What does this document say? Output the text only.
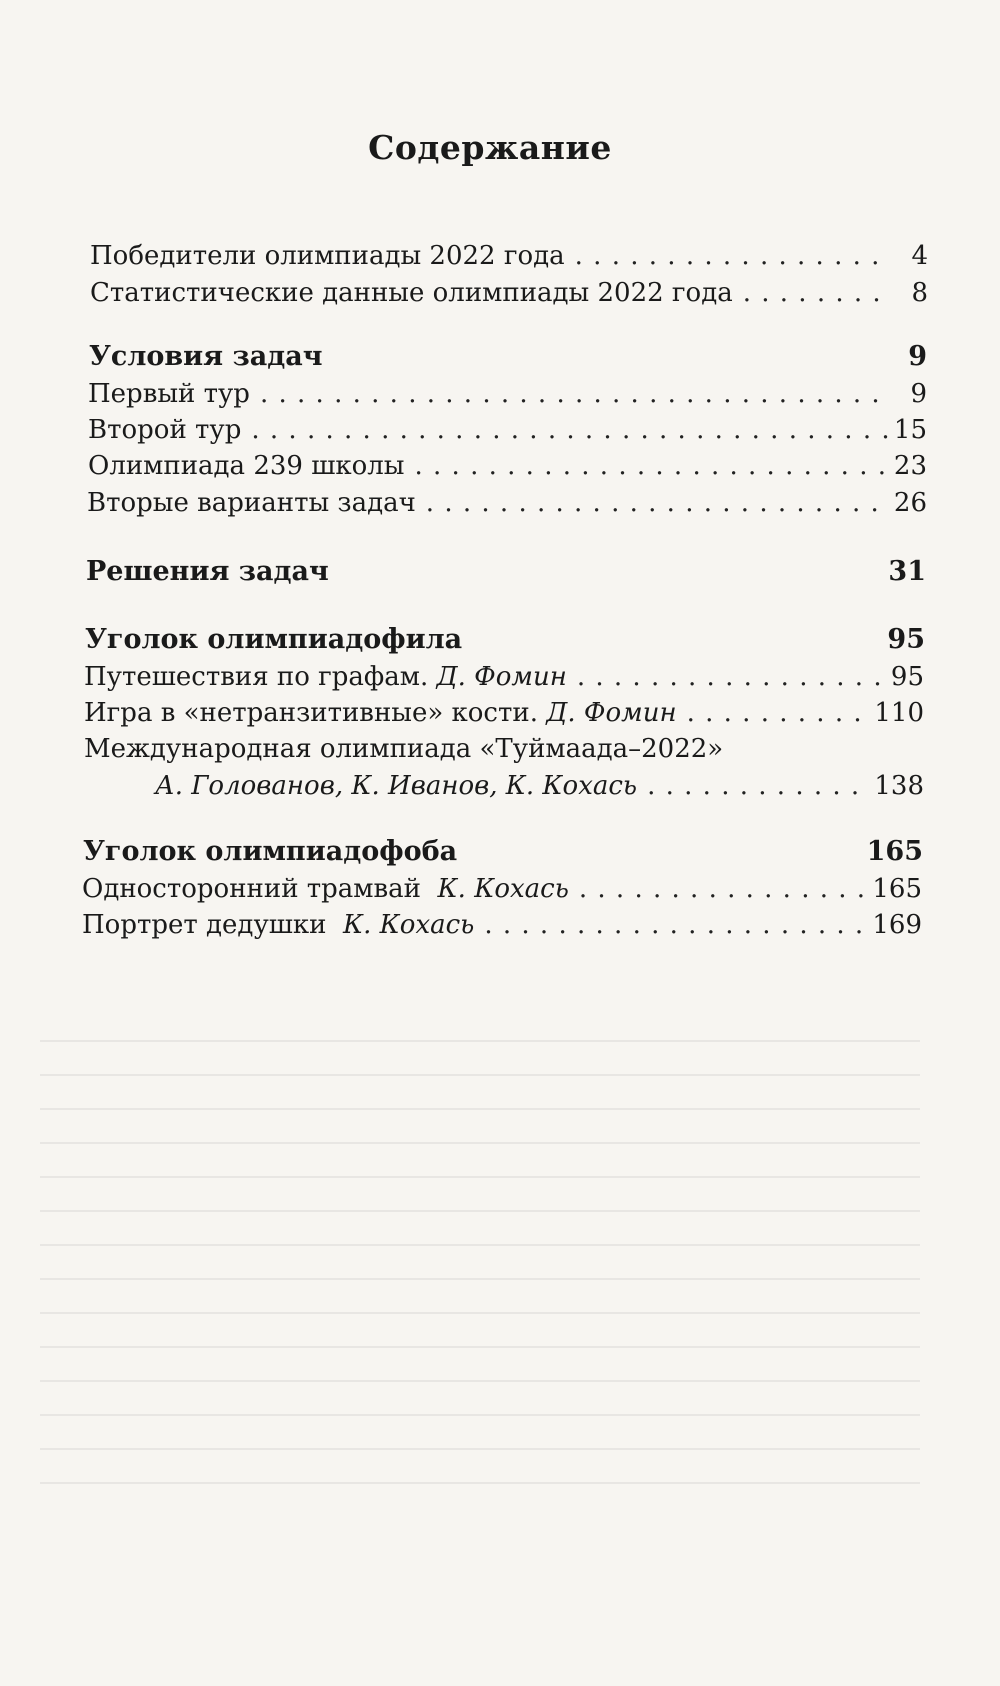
Содержание
Победители олимпиады 2022 года . . .	4
Статистические данные олимпиады 2022 года . . .	8
Условия задач	9
Первый тур . . .	9
Второй тур . . .	15
Олимпиада 239 школы . . .	23
Вторые варианты задач . . .	26
Решения задач	31
Уголок олимпиадофила	95
Путешествия по графам. Д. Фомин . . .	95
Игра в «нетранзитивные» кости. Д. Фомин . . .	110
Международная олимпиада «Туймаада–2022»
А. Голованов, К. Иванов, К. Кохась . . .	138
Уголок олимпиадофоба	165
Односторонний трамвай К. Кохась . . .	165
Портрет дедушки К. Кохась . . .	169
